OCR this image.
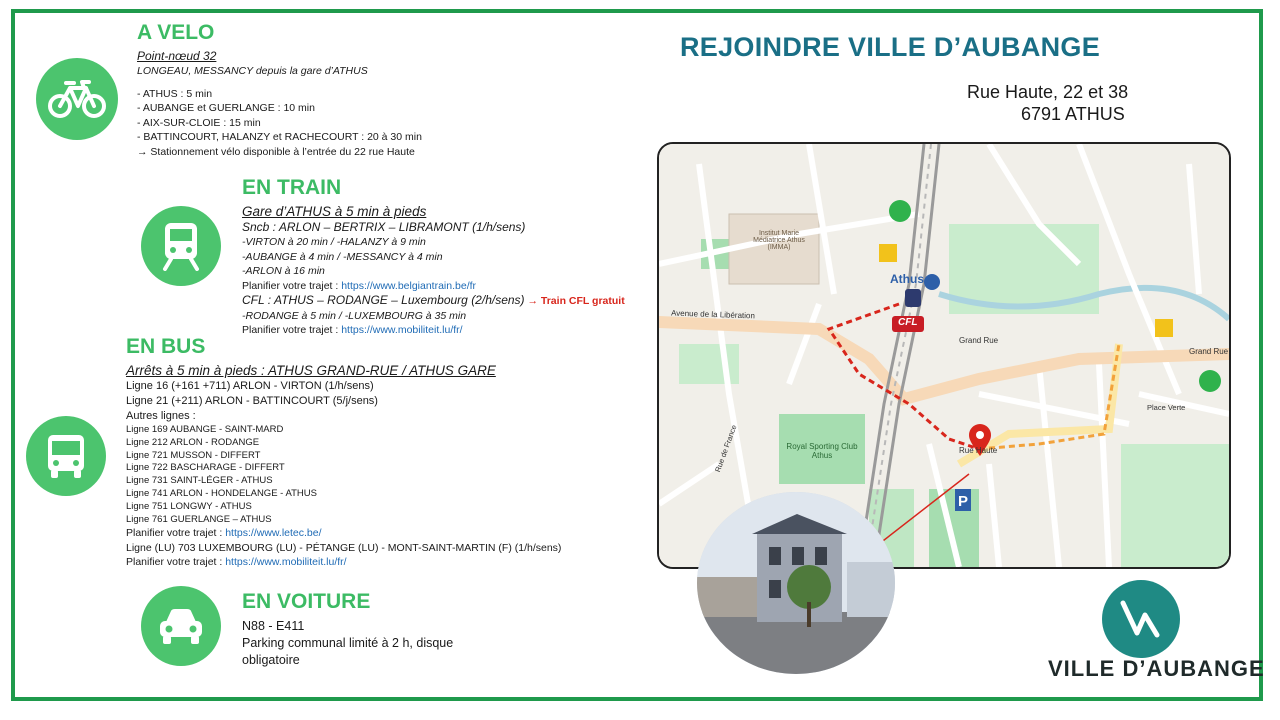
A VELO
Point-nœud 32
LONGEAU, MESSANCY depuis la gare d’ATHUS
- ATHUS : 5 min
- AUBANGE et GUERLANGE : 10 min
- AIX-SUR-CLOIE : 15 min
- BATTINCOURT, HALANZY et RACHECOURT : 20 à 30 min
→ Stationnement vélo disponible à l’entrée du 22 rue Haute
EN TRAIN
Gare d’ATHUS à 5 min à pieds
Sncb : ARLON – BERTRIX – LIBRAMONT (1/h/sens)
-VIRTON à 20 min / -HALANZY à 9 min
-AUBANGE à 4 min / -MESSANCY à 4 min
-ARLON à 16 min
Planifier votre trajet : https://www.belgiantrain.be/fr
CFL : ATHUS – RODANGE – Luxembourg (2/h/sens) → Train CFL gratuit
-RODANGE à 5 min / -LUXEMBOURG à 35 min
Planifier votre trajet : https://www.mobiliteit.lu/fr/
EN BUS
Arrêts à 5 min à pieds : ATHUS GRAND-RUE / ATHUS GARE
Ligne 16 (+161 +711) ARLON - VIRTON (1/h/sens)
Ligne 21 (+211) ARLON - BATTINCOURT (5/j/sens)
Autres lignes :
Ligne 169 AUBANGE - SAINT-MARD
Ligne 212 ARLON - RODANGE
Ligne 721 MUSSON - DIFFERT
Ligne 722 BASCHARAGE - DIFFERT
Ligne 731 SAINT-LÉGER - ATHUS
Ligne 741 ARLON - HONDELANGE - ATHUS
Ligne 751 LONGWY - ATHUS
Ligne 761 GUERLANGE – ATHUS
Planifier votre trajet : https://www.letec.be/
Ligne (LU) 703 LUXEMBOURG (LU) - PÉTANGE (LU) - MONT-SAINT-MARTIN (F) (1/h/sens)
Planifier votre trajet : https://www.mobiliteit.lu/fr/
EN VOITURE
N88 - E411
Parking communal limité à 2 h, disque
obligatoire
REJOINDRE VILLE D’AUBANGE
Rue Haute, 22 et 38
6791 ATHUS
P
Avenue de la Libération
Grand Rue
Grand Rue
Rue Haute
Athus
CFL
Royal Sporting Club Athus
Place Verte
Rue de France
Institut Marie Médiatrice Athus (IMMA)
VILLE D’AUBANGE
